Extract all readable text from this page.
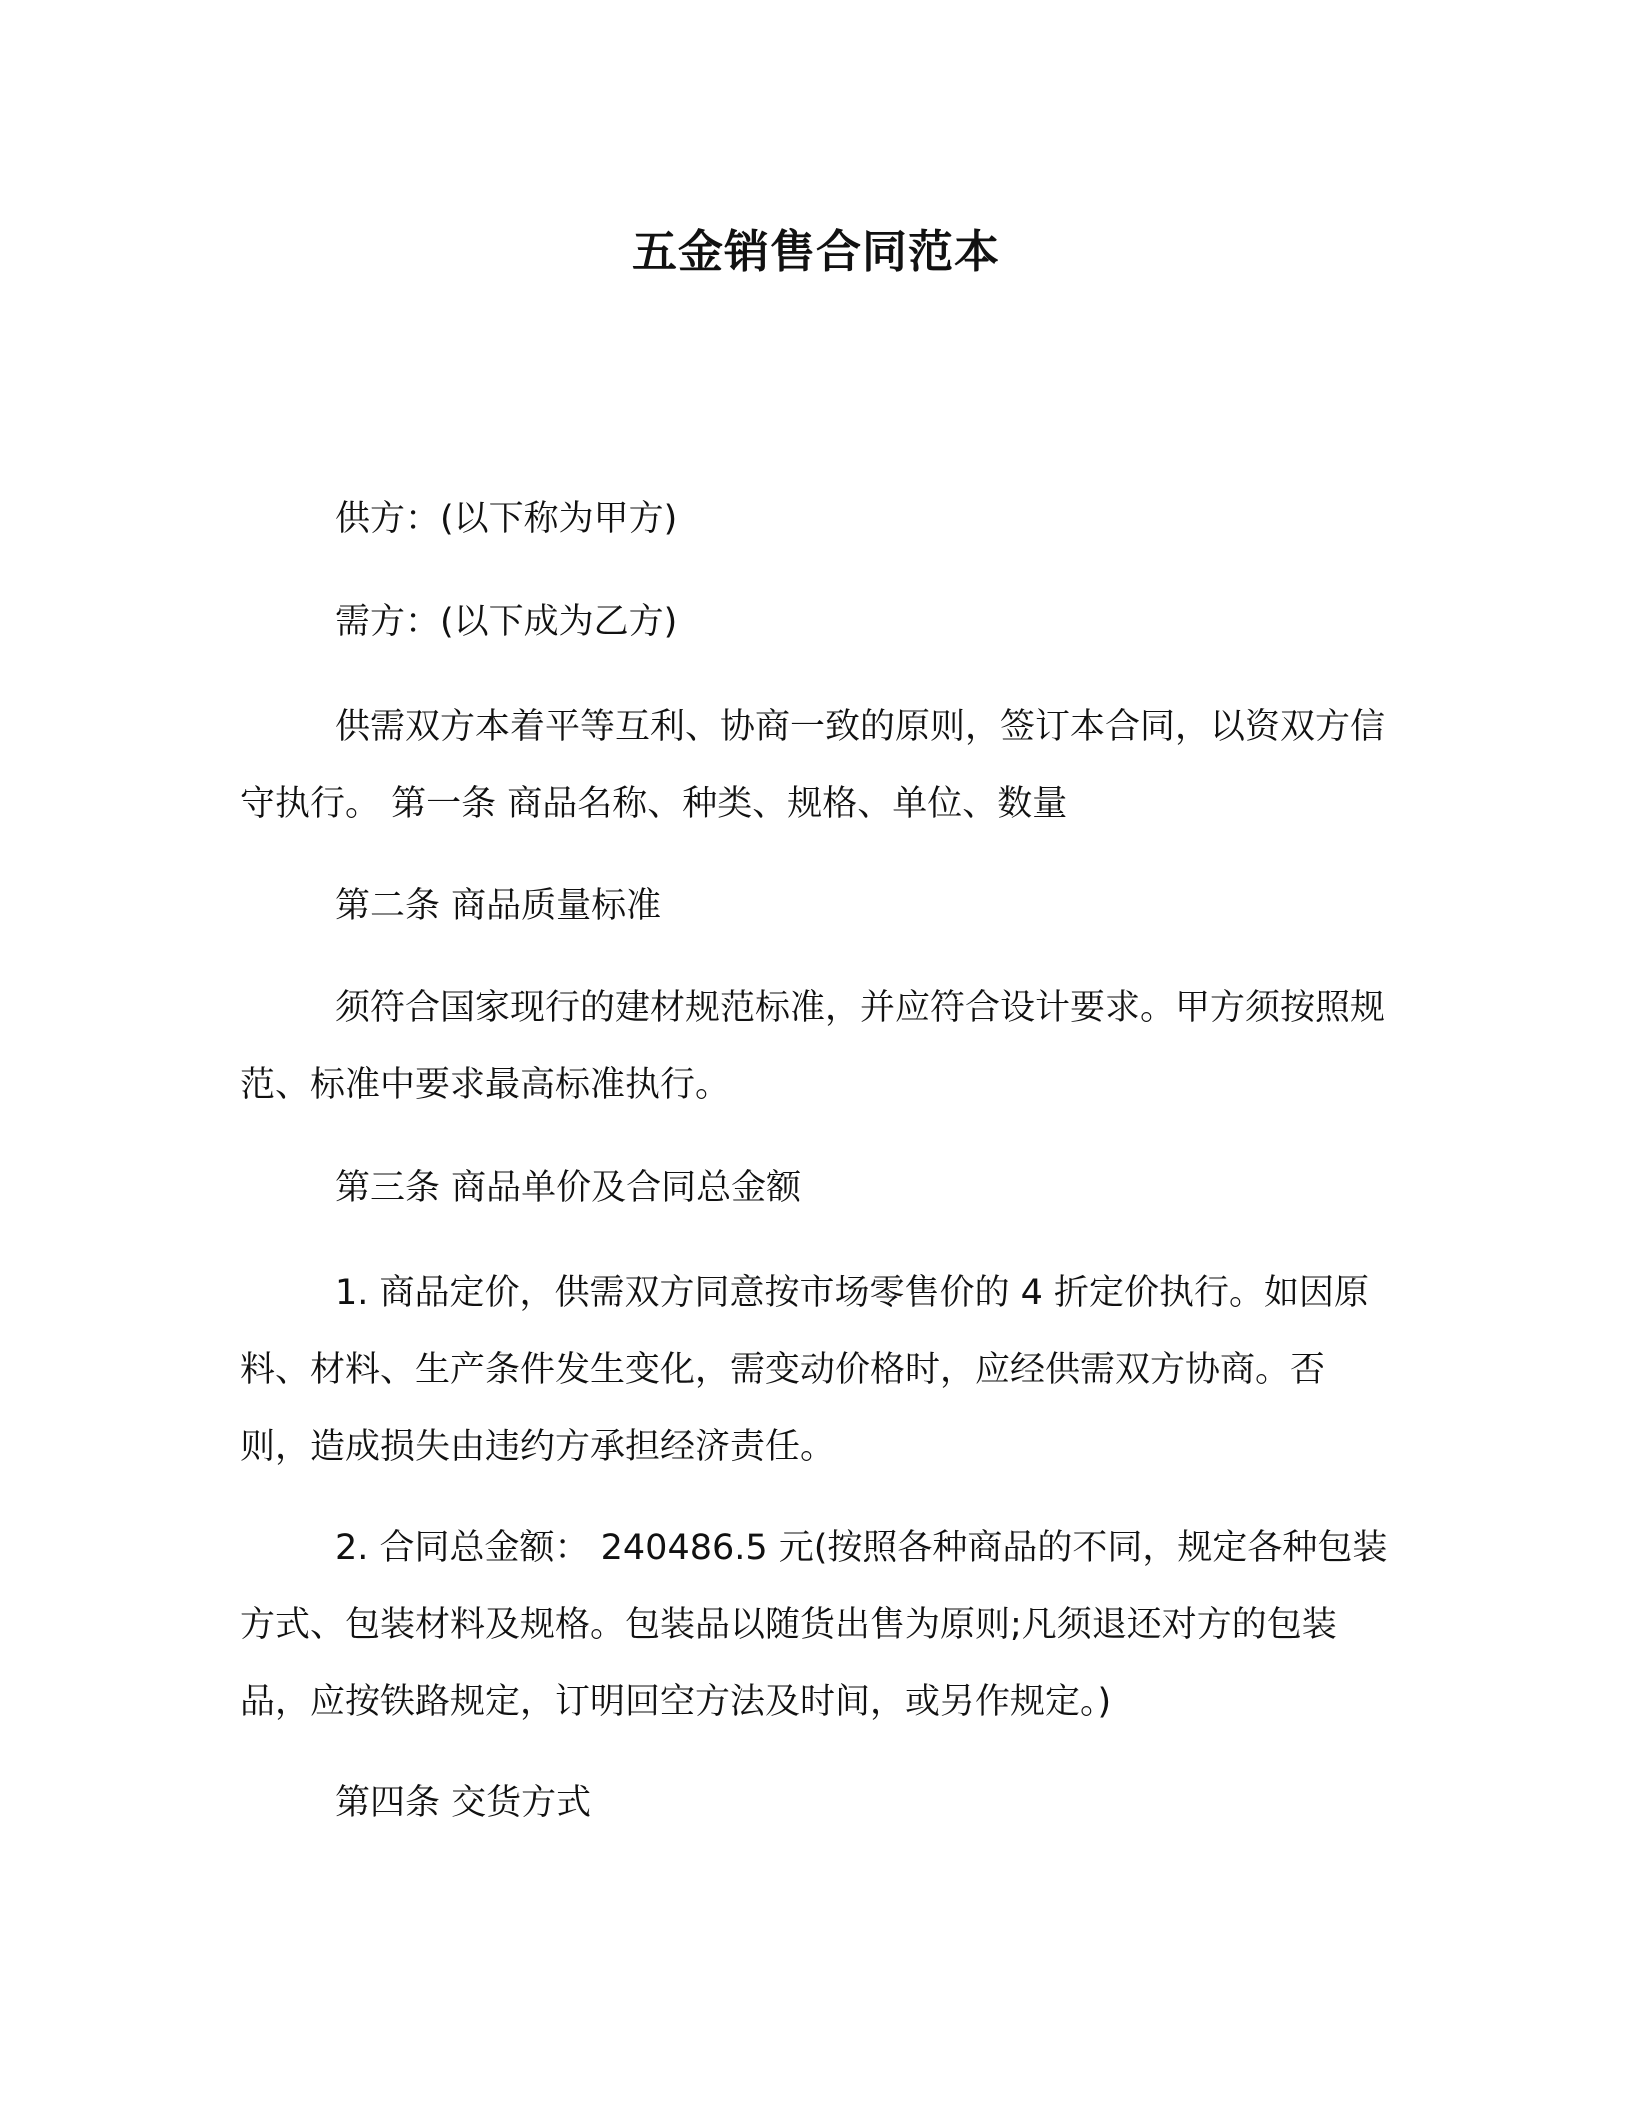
五金销售合同范本
供方：(以下称为甲方)
需方：(以下成为乙方)
供需双方本着平等互利、协商一致的原则，签订本合同，以资双方信守执行。 第一条 商品名称、种类、规格、单位、数量
第二条 商品质量标准
须符合国家现行的建材规范标准，并应符合设计要求。甲方须按照规范、标准中要求最高标准执行。
第三条 商品单价及合同总金额
1. 商品定价，供需双方同意按市场零售价的 4 折定价执行。如因原料、材料、生产条件发生变化，需变动价格时，应经供需双方协商。否则，造成损失由违约方承担经济责任。
2. 合同总金额： 240486.5 元(按照各种商品的不同，规定各种包装方式、包装材料及规格。包装品以随货出售为原则;凡须退还对方的包装品，应按铁路规定，订明回空方法及时间，或另作规定。)
第四条 交货方式
